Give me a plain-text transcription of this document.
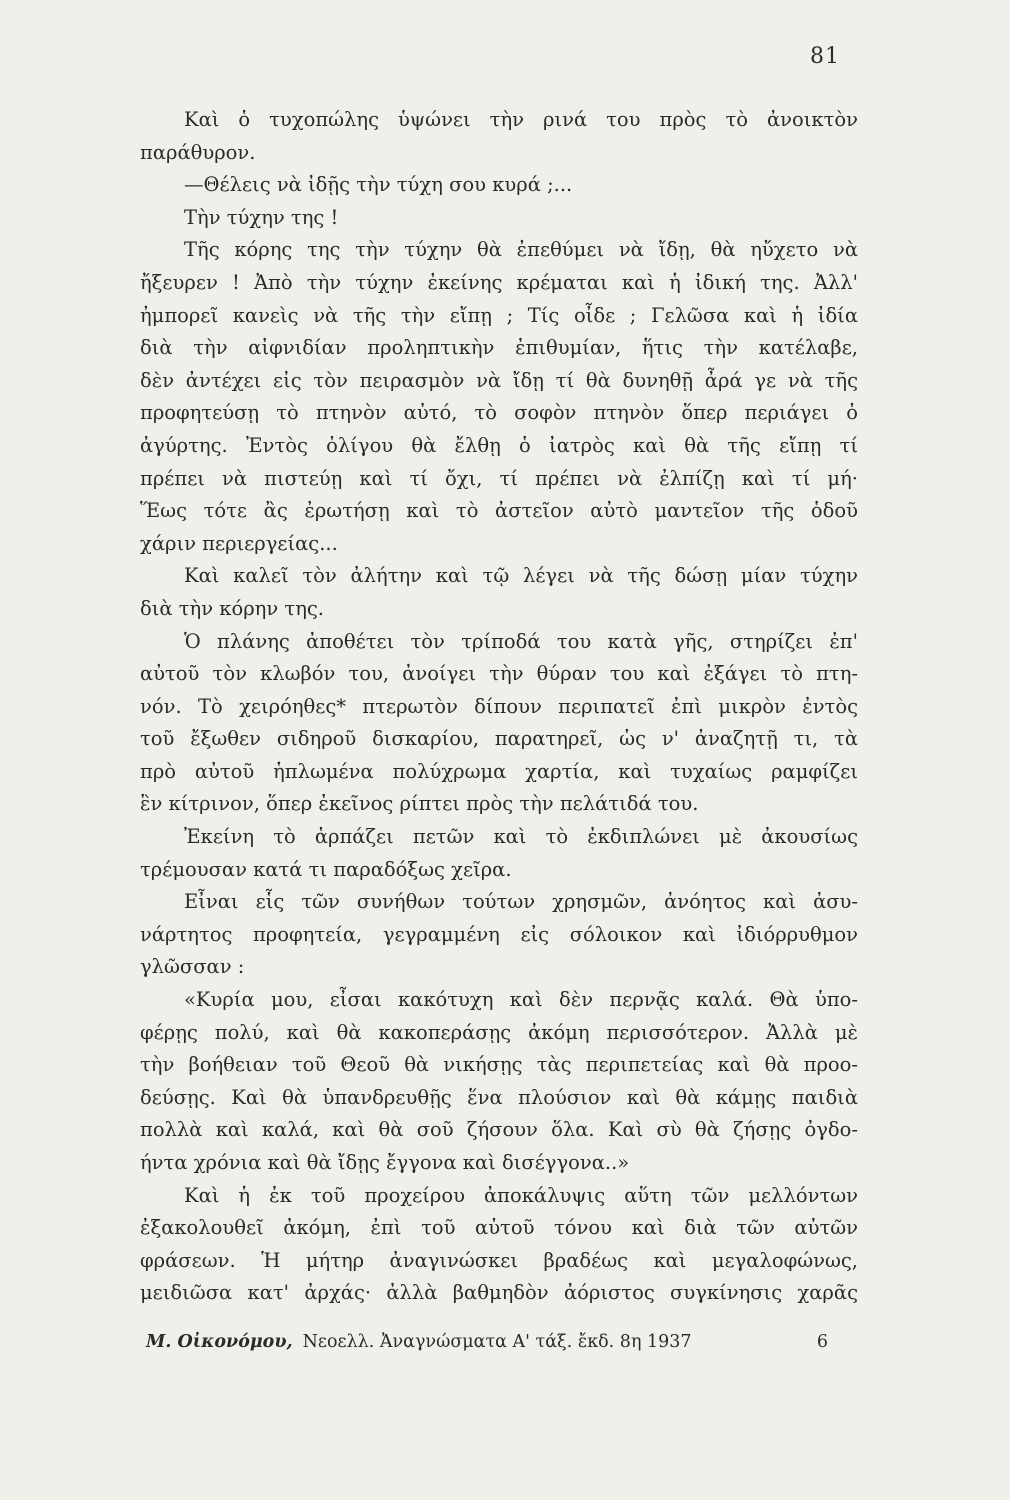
81
Καὶ ὁ τυχοπώλης ὑψώνει τὴν ρινά του πρὸς τὸ ἀνοικτὸν
παράθυρον.
—Θέλεις νὰ ἰδῇς τὴν τύχη σου κυρά ;...
Τὴν τύχην της !
Τῆς κόρης της τὴν τύχην θὰ ἐπεθύμει νὰ ἴδῃ, θὰ ηὔχετο νὰ
ἤξευρεν ! Ἀπὸ τὴν τύχην ἐκείνης κρέμαται καὶ ἡ ἰδική της. Ἀλλ'
ἠμπορεῖ κανεὶς νὰ τῆς τὴν εἴπῃ ; Τίς οἶδε ; Γελῶσα καὶ ἡ ἰδία
διὰ τὴν αἰφνιδίαν προληπτικὴν ἐπιθυμίαν, ἥτις τὴν κατέλαβε,
δὲν ἀντέχει εἰς τὸν πειρασμὸν νὰ ἴδῃ τί θὰ δυνηθῇ ἆρά γε νὰ τῆς
προφητεύσῃ τὸ πτηνὸν αὐτό, τὸ σοφὸν πτηνὸν ὅπερ περιάγει ὁ
ἀγύρτης. Ἐντὸς ὀλίγου θὰ ἔλθῃ ὁ ἰατρὸς καὶ θὰ τῆς εἴπῃ τί
πρέπει νὰ πιστεύῃ καὶ τί ὄχι, τί πρέπει νὰ ἐλπίζῃ καὶ τί μή·
Ἕως τότε ἂς ἐρωτήσῃ καὶ τὸ ἀστεῖον αὐτὸ μαντεῖον τῆς ὁδοῦ
χάριν περιεργείας...
Καὶ καλεῖ τὸν ἀλήτην καὶ τῷ λέγει νὰ τῆς δώσῃ μίαν τύχην
διὰ τὴν κόρην της.
Ὁ πλάνης ἀποθέτει τὸν τρίποδά του κατὰ γῆς, στηρίζει ἐπ'
αὐτοῦ τὸν κλωβόν του, ἀνοίγει τὴν θύραν του καὶ ἐξάγει τὸ πτη-
νόν. Τὸ χειρόηθες* πτερωτὸν δίπουν περιπατεῖ ἐπὶ μικρὸν ἐντὸς
τοῦ ἔξωθεν σιδηροῦ δισκαρίου, παρατηρεῖ, ὡς ν' ἀναζητῇ τι, τὰ
πρὸ αὐτοῦ ἡπλωμένα πολύχρωμα χαρτία, καὶ τυχαίως ραμφίζει
ἓν κίτρινον, ὅπερ ἐκεῖνος ρίπτει πρὸς τὴν πελάτιδά του.
Ἐκείνη τὸ ἁρπάζει πετῶν καὶ τὸ ἐκδιπλώνει μὲ ἀκουσίως
τρέμουσαν κατά τι παραδόξως χεῖρα.
Εἶναι εἷς τῶν συνήθων τούτων χρησμῶν, ἀνόητος καὶ ἀσυ-
νάρτητος προφητεία, γεγραμμένη εἰς σόλοικον καὶ ἰδιόρρυθμον
γλῶσσαν :
«Κυρία μου, εἶσαι κακότυχη καὶ δὲν περνᾷς καλά. Θὰ ὑπο-
φέρῃς πολύ, καὶ θὰ κακοπεράσῃς ἀκόμη περισσότερον. Ἀλλὰ μὲ
τὴν βοήθειαν τοῦ Θεοῦ θὰ νικήσῃς τὰς περιπετείας καὶ θὰ προο-
δεύσῃς. Καὶ θὰ ὑπανδρευθῇς ἕνα πλούσιον καὶ θὰ κάμῃς παιδιὰ
πολλὰ καὶ καλά, καὶ θὰ σοῦ ζήσουν ὅλα. Καὶ σὺ θὰ ζήσῃς ὀγδο-
ήντα χρόνια καὶ θὰ ἴδῃς ἔγγονα καὶ δισέγγονα..»
Καὶ ἡ ἐκ τοῦ προχείρου ἀποκάλυψις αὕτη τῶν μελλόντων
ἐξακολουθεῖ ἀκόμη, ἐπὶ τοῦ αὐτοῦ τόνου καὶ διὰ τῶν αὐτῶν
φράσεων. Ἡ μήτηρ ἀναγινώσκει βραδέως καὶ μεγαλοφώνως,
μειδιῶσα κατ' ἀρχάς· ἀλλὰ βαθμηδὸν ἀόριστος συγκίνησις χαρᾶς
Μ. Οἰκονόμου, Νεοελλ. Ἀναγνώσματα Α' τάξ. ἔκδ. 8η 1937	6
